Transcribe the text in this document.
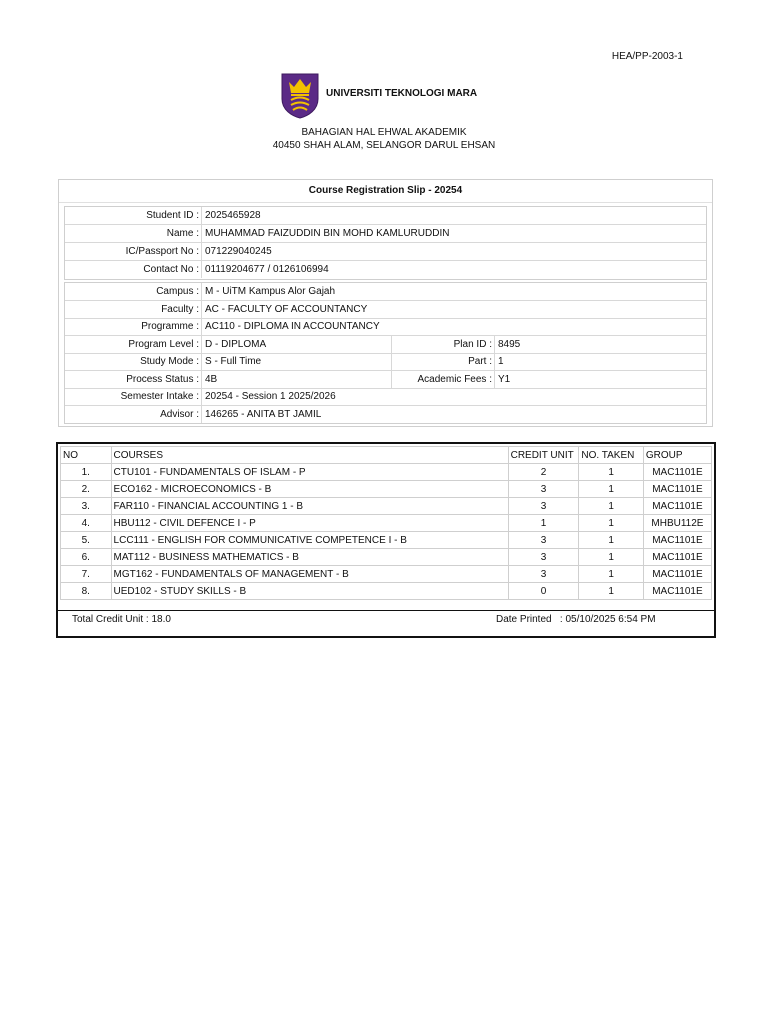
HEA/PP-2003-1
UNIVERSITI TEKNOLOGI MARA
BAHAGIAN HAL EHWAL AKADEMIK
40450 SHAH ALAM, SELANGOR DARUL EHSAN
Course Registration Slip - 20254
Student ID : 2025465928
Name : MUHAMMAD FAIZUDDIN BIN MOHD KAMLURUDDIN
IC/Passport No : 071229040245
Contact No : 01119204677 / 0126106994
Campus : M - UiTM Kampus Alor Gajah
Faculty : AC - FACULTY OF ACCOUNTANCY
Programme : AC110 - DIPLOMA IN ACCOUNTANCY
Program Level : D - DIPLOMA	Plan ID : 8495
Study Mode : S - Full Time	Part : 1
Process Status : 4B	Academic Fees : Y1
Semester Intake : 20254 - Session 1 2025/2026
Advisor : 146265 - ANITA BT JAMIL
NO	COURSES	CREDIT UNIT	NO. TAKEN	GROUP
1.	CTU101 - FUNDAMENTALS OF ISLAM - P	2	1	MAC1101E
2.	ECO162 - MICROECONOMICS - B	3	1	MAC1101E
3.	FAR110 - FINANCIAL ACCOUNTING 1 - B	3	1	MAC1101E
4.	HBU112 - CIVIL DEFENCE I - P	1	1	MHBU112E
5.	LCC111 - ENGLISH FOR COMMUNICATIVE COMPETENCE I - B	3	1	MAC1101E
6.	MAT112 - BUSINESS MATHEMATICS - B	3	1	MAC1101E
7.	MGT162 - FUNDAMENTALS OF MANAGEMENT - B	3	1	MAC1101E
8.	UED102 - STUDY SKILLS - B	0	1	MAC1101E
Total Credit Unit : 18.0	Date Printed   : 05/10/2025 6:54 PM
